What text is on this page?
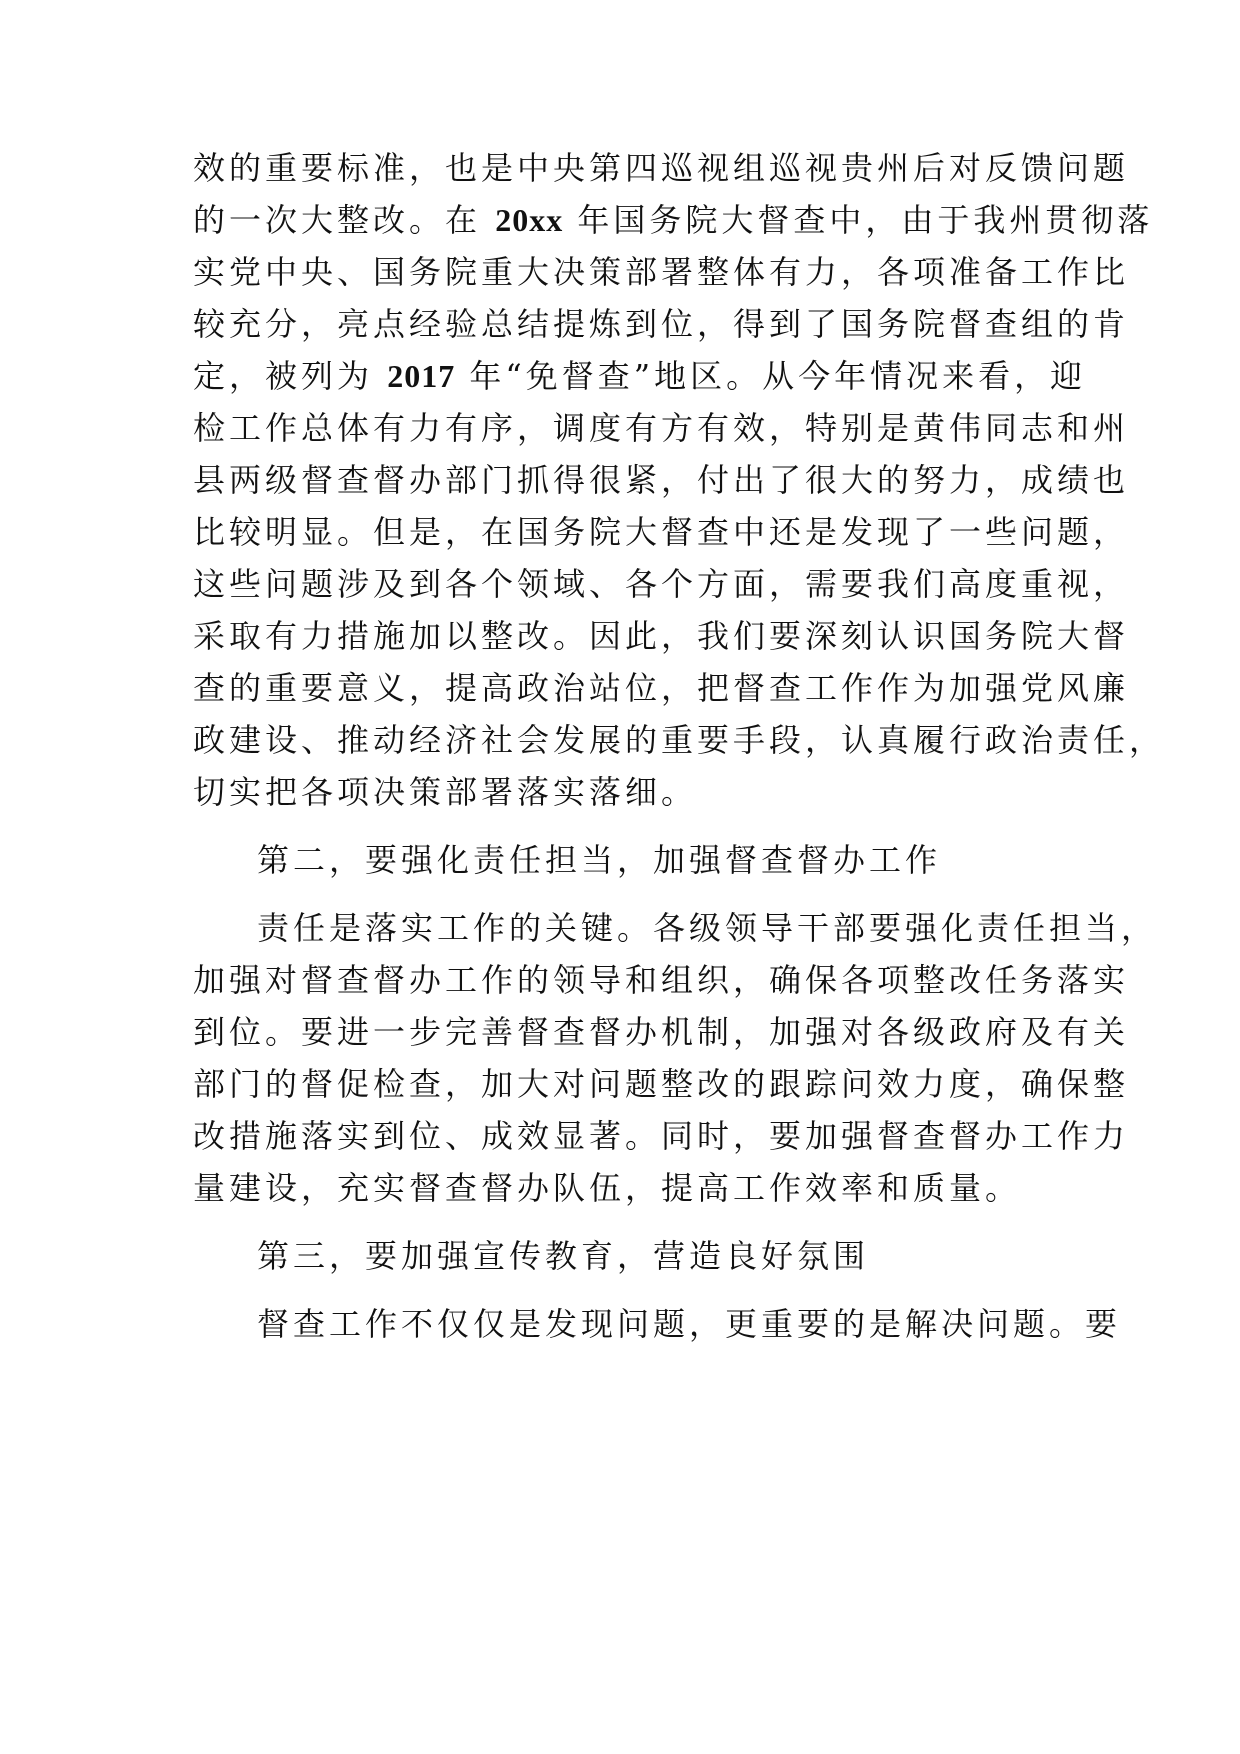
效的重要标准，也是中央第四巡视组巡视贵州后对反馈问题
的一次大整改。在 20xx 年国务院大督查中，由于我州贯彻落
实党中央、国务院重大决策部署整体有力，各项准备工作比
较充分，亮点经验总结提炼到位，得到了国务院督查组的肯
定，被列为 2017 年“免督查”地区。从今年情况来看，迎
检工作总体有力有序，调度有方有效，特别是黄伟同志和州
县两级督查督办部门抓得很紧，付出了很大的努力，成绩也
比较明显。但是，在国务院大督查中还是发现了一些问题，
这些问题涉及到各个领域、各个方面，需要我们高度重视，
采取有力措施加以整改。因此，我们要深刻认识国务院大督
查的重要意义，提高政治站位，把督查工作作为加强党风廉
政建设、推动经济社会发展的重要手段，认真履行政治责任，
切实把各项决策部署落实落细。
第二，要强化责任担当，加强督查督办工作
责任是落实工作的关键。各级领导干部要强化责任担当，
加强对督查督办工作的领导和组织，确保各项整改任务落实
到位。要进一步完善督查督办机制，加强对各级政府及有关
部门的督促检查，加大对问题整改的跟踪问效力度，确保整
改措施落实到位、成效显著。同时，要加强督查督办工作力
量建设，充实督查督办队伍，提高工作效率和质量。
第三，要加强宣传教育，营造良好氛围
督查工作不仅仅是发现问题，更重要的是解决问题。要
